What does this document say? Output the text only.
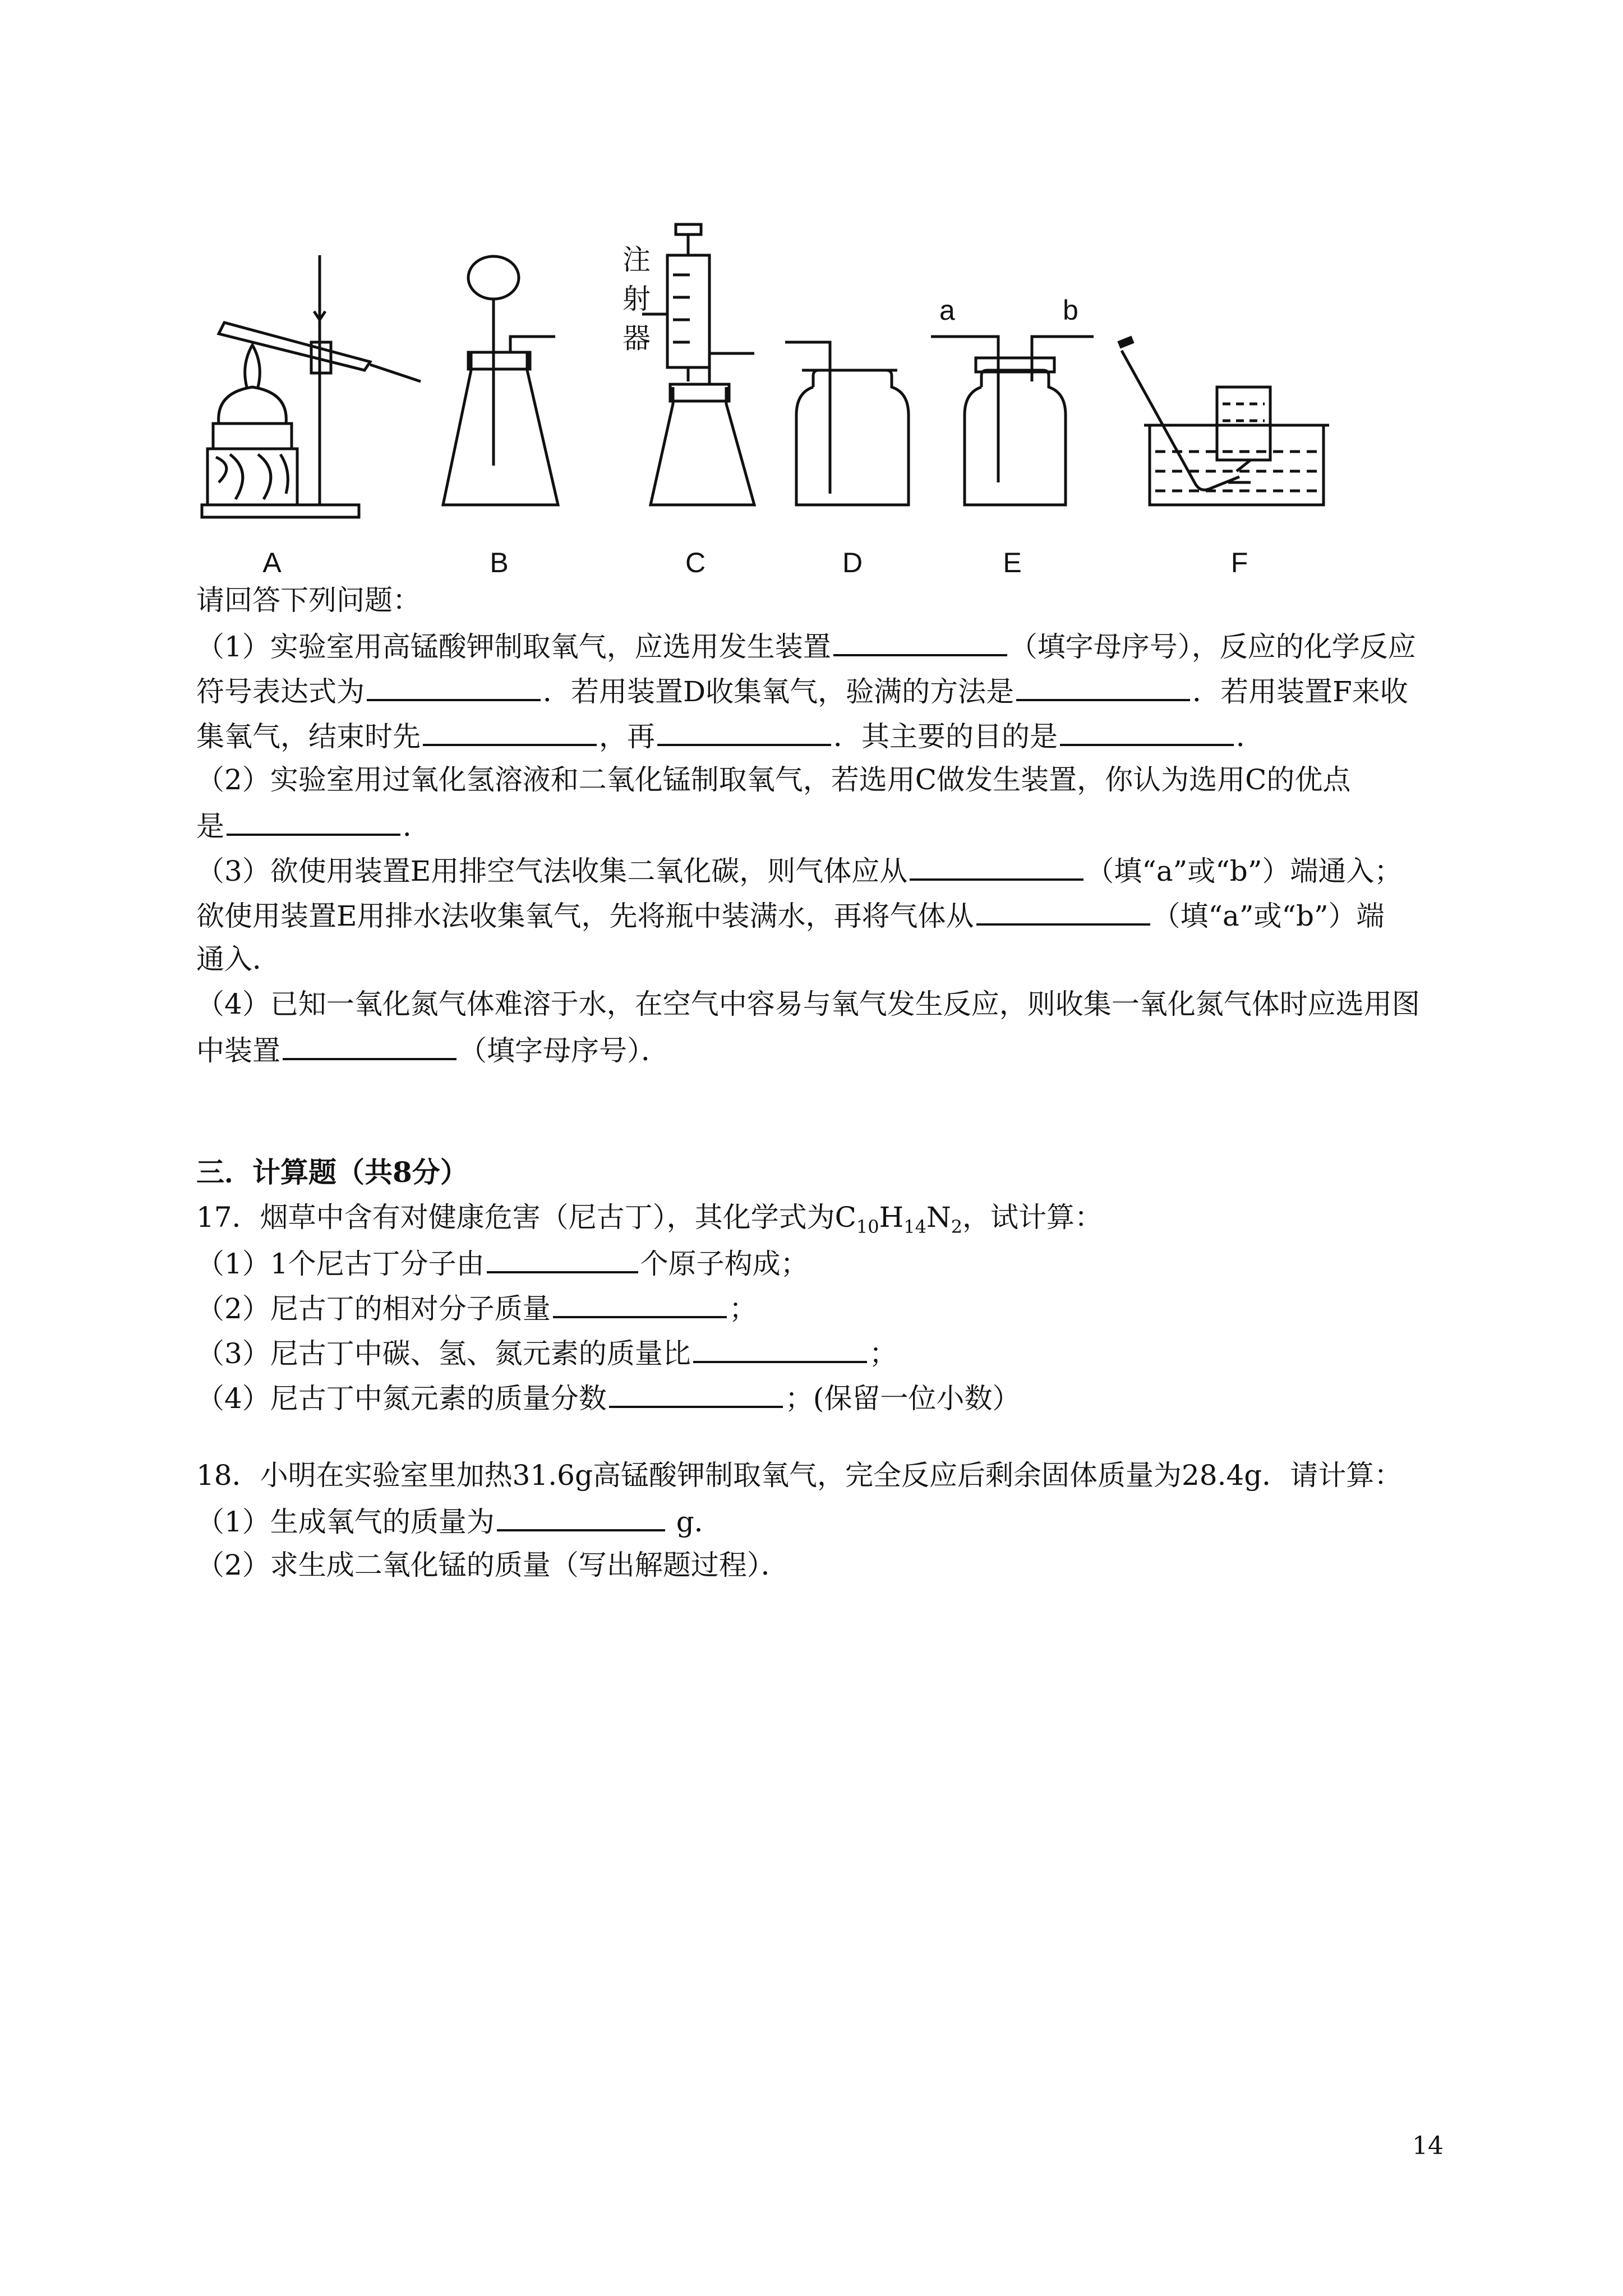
A	B	C	D	E	F
注
射
器
a	b
请回答下列问题：
（1）实验室用高锰酸钾制取氧气，应选用发生装置	（填字母序号），反应的化学反应
符号表达式为	．若用装置D收集氧气，验满的方法是	．若用装置F来收
集氧气，结束时先	，再	．其主要的目的是	．
（2）实验室用过氧化氢溶液和二氧化锰制取氧气，若选用C做发生装置，你认为选用C的优点
是	．
（3）欲使用装置E用排空气法收集二氧化碳，则气体应从	（填“a”或“b”）端通入；
欲使用装置E用排水法收集氧气，先将瓶中装满水，再将气体从	（填“a”或“b”）端
通入．
（4）已知一氧化氮气体难溶于水，在空气中容易与氧气发生反应，则收集一氧化氮气体时应选用图
中装置	（填字母序号）．
三．计算题（共8分）
17．烟草中含有对健康危害（尼古丁），其化学式为$C_{10}H_{14}N_2$，试计算：
（1）1个尼古丁分子由	个原子构成；
（2）尼古丁的相对分子质量	；
（3）尼古丁中碳、氢、氮元素的质量比	；
（4）尼古丁中氮元素的质量分数	；(保留一位小数）
18．小明在实验室里加热31.6g高锰酸钾制取氧气，完全反应后剩余固体质量为28.4g．请计算：
（1）生成氧气的质量为	g．
（2）求生成二氧化锰的质量（写出解题过程）．
14
